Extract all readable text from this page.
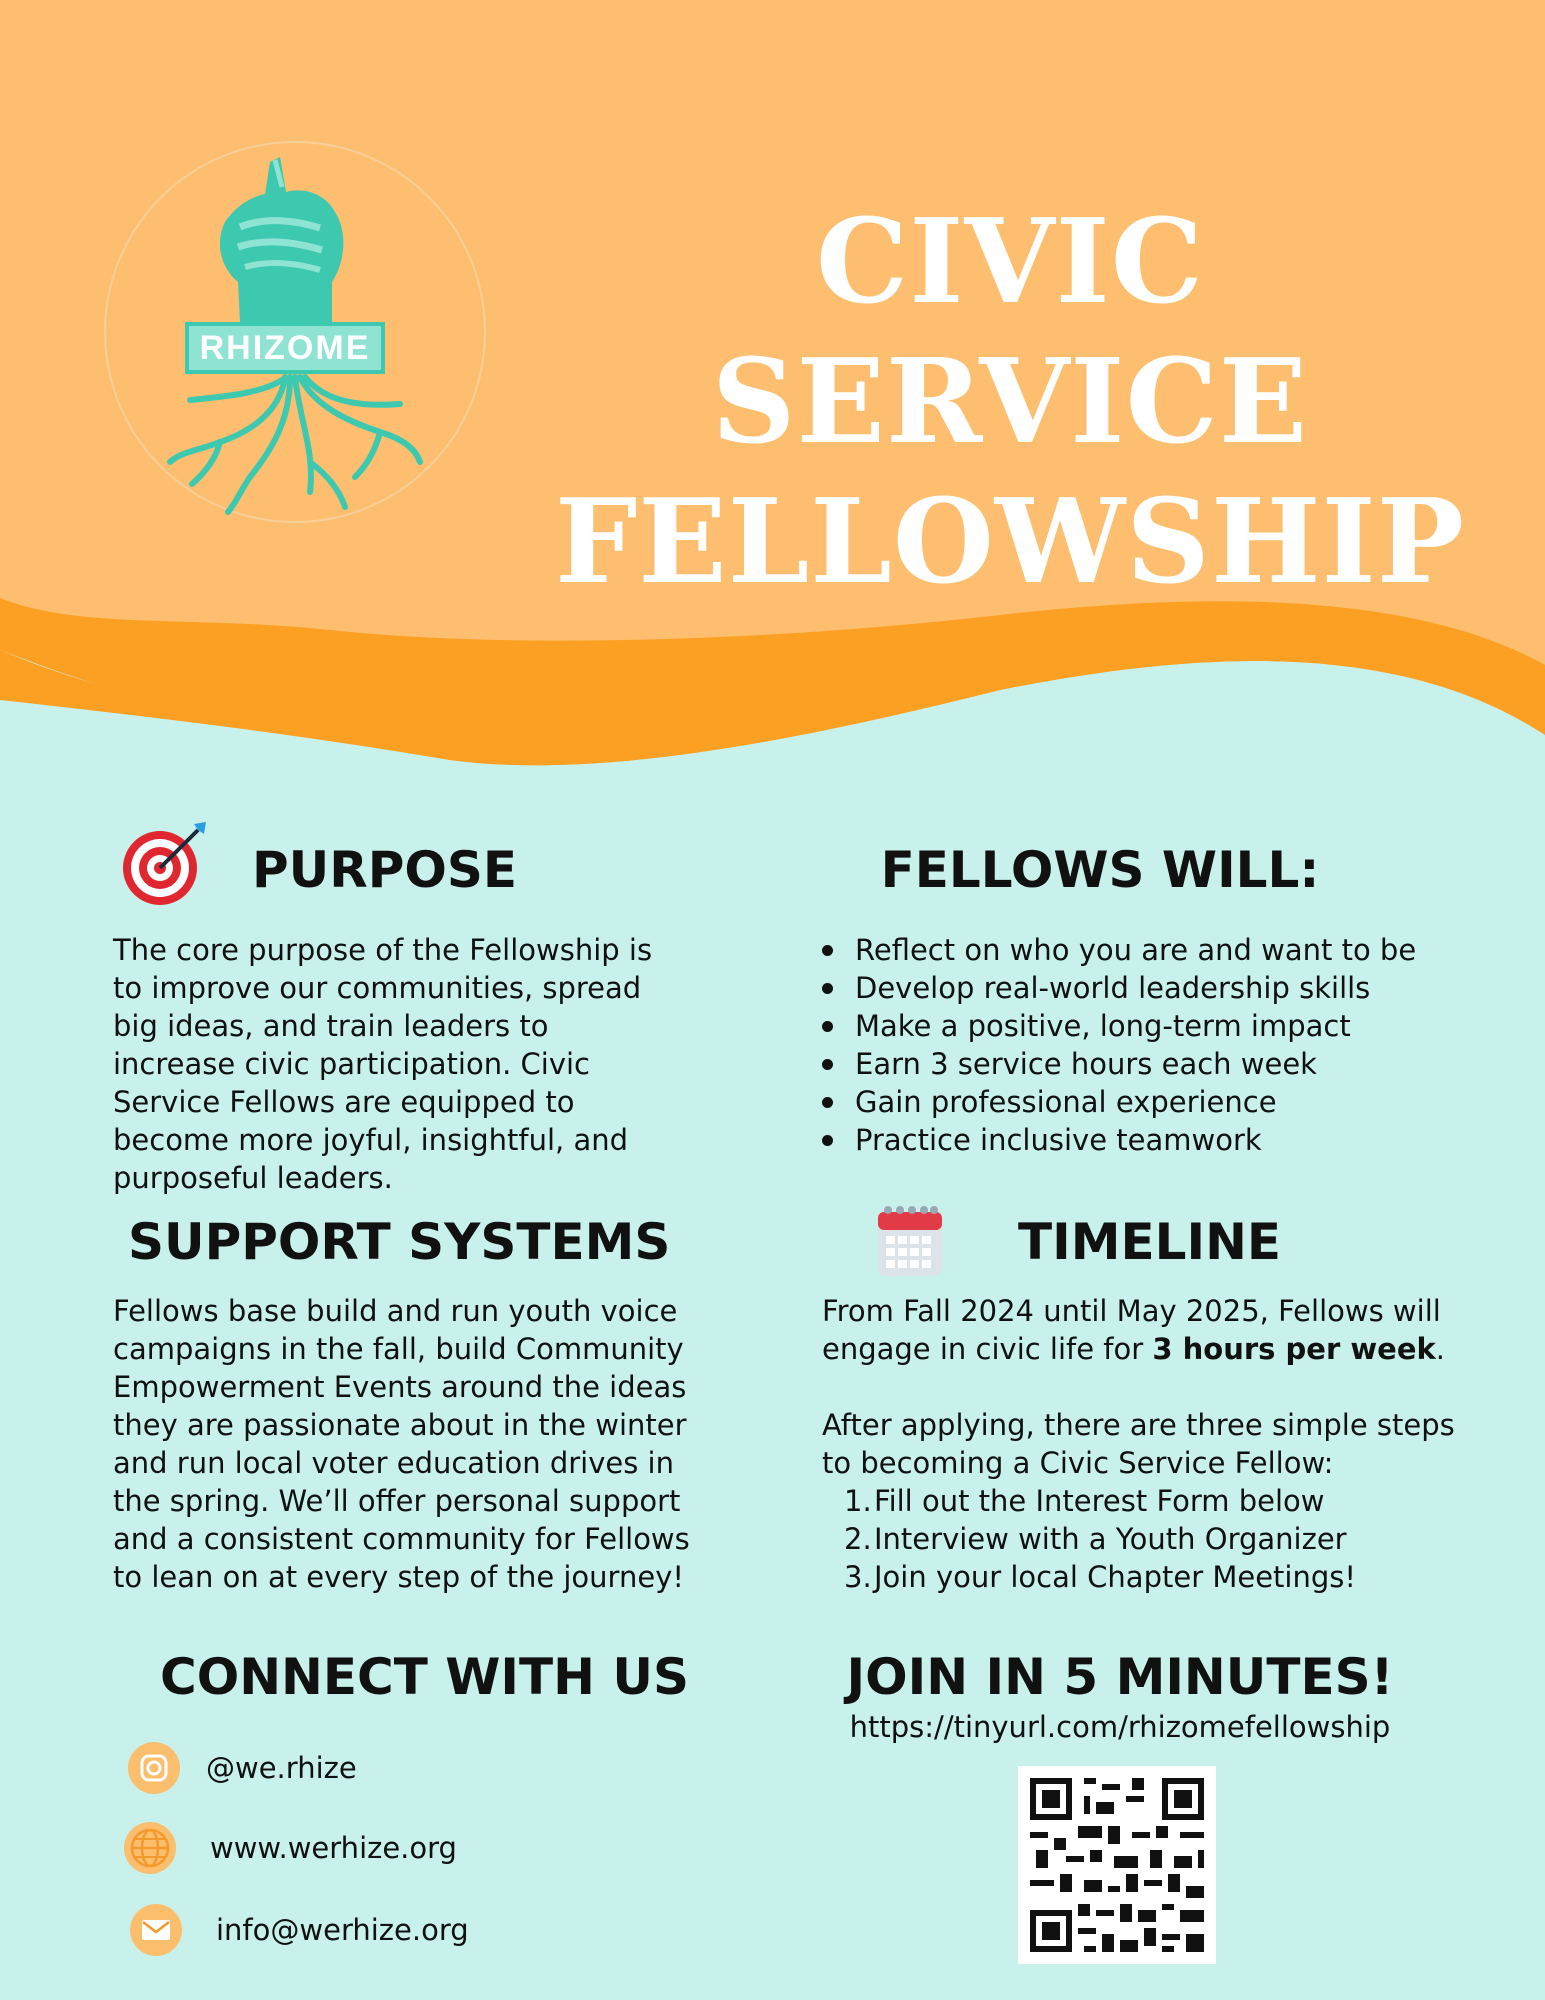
RHIZOME
CIVIC SERVICE
FELLOWSHIP
PURPOSE
The core purpose of the Fellowship is to improve our communities, spread big ideas, and train leaders to increase civic participation. Civic Service Fellows are equipped to become more joyful, insightful, and purposeful leaders.
FELLOWS WILL:
Reflect on who you are and want to be
Develop real-world leadership skills
Make a positive, long-term impact
Earn 3 service hours each week
Gain professional experience
Practice inclusive teamwork
SUPPORT SYSTEMS
Fellows base build and run youth voice campaigns in the fall, build Community Empowerment Events around the ideas they are passionate about in the winter and run local voter education drives in the spring. We’ll offer personal support and a consistent community for Fellows to lean on at every step of the journey!
TIMELINE

From Fall 2024 until May 2025, Fellows will engage in civic life for 3 hours per week.

After applying, there are three simple steps to becoming a Civic Service Fellow:

1. Fill out the Interest Form below
2. Interview with a Youth Organizer
3. Join your local Chapter Meetings!
CONNECT WITH US
@we.rhize
www.werhize.org
info@werhize.org
JOIN IN 5 MINUTES!
https://tinyurl.com/rhizomefellowship
